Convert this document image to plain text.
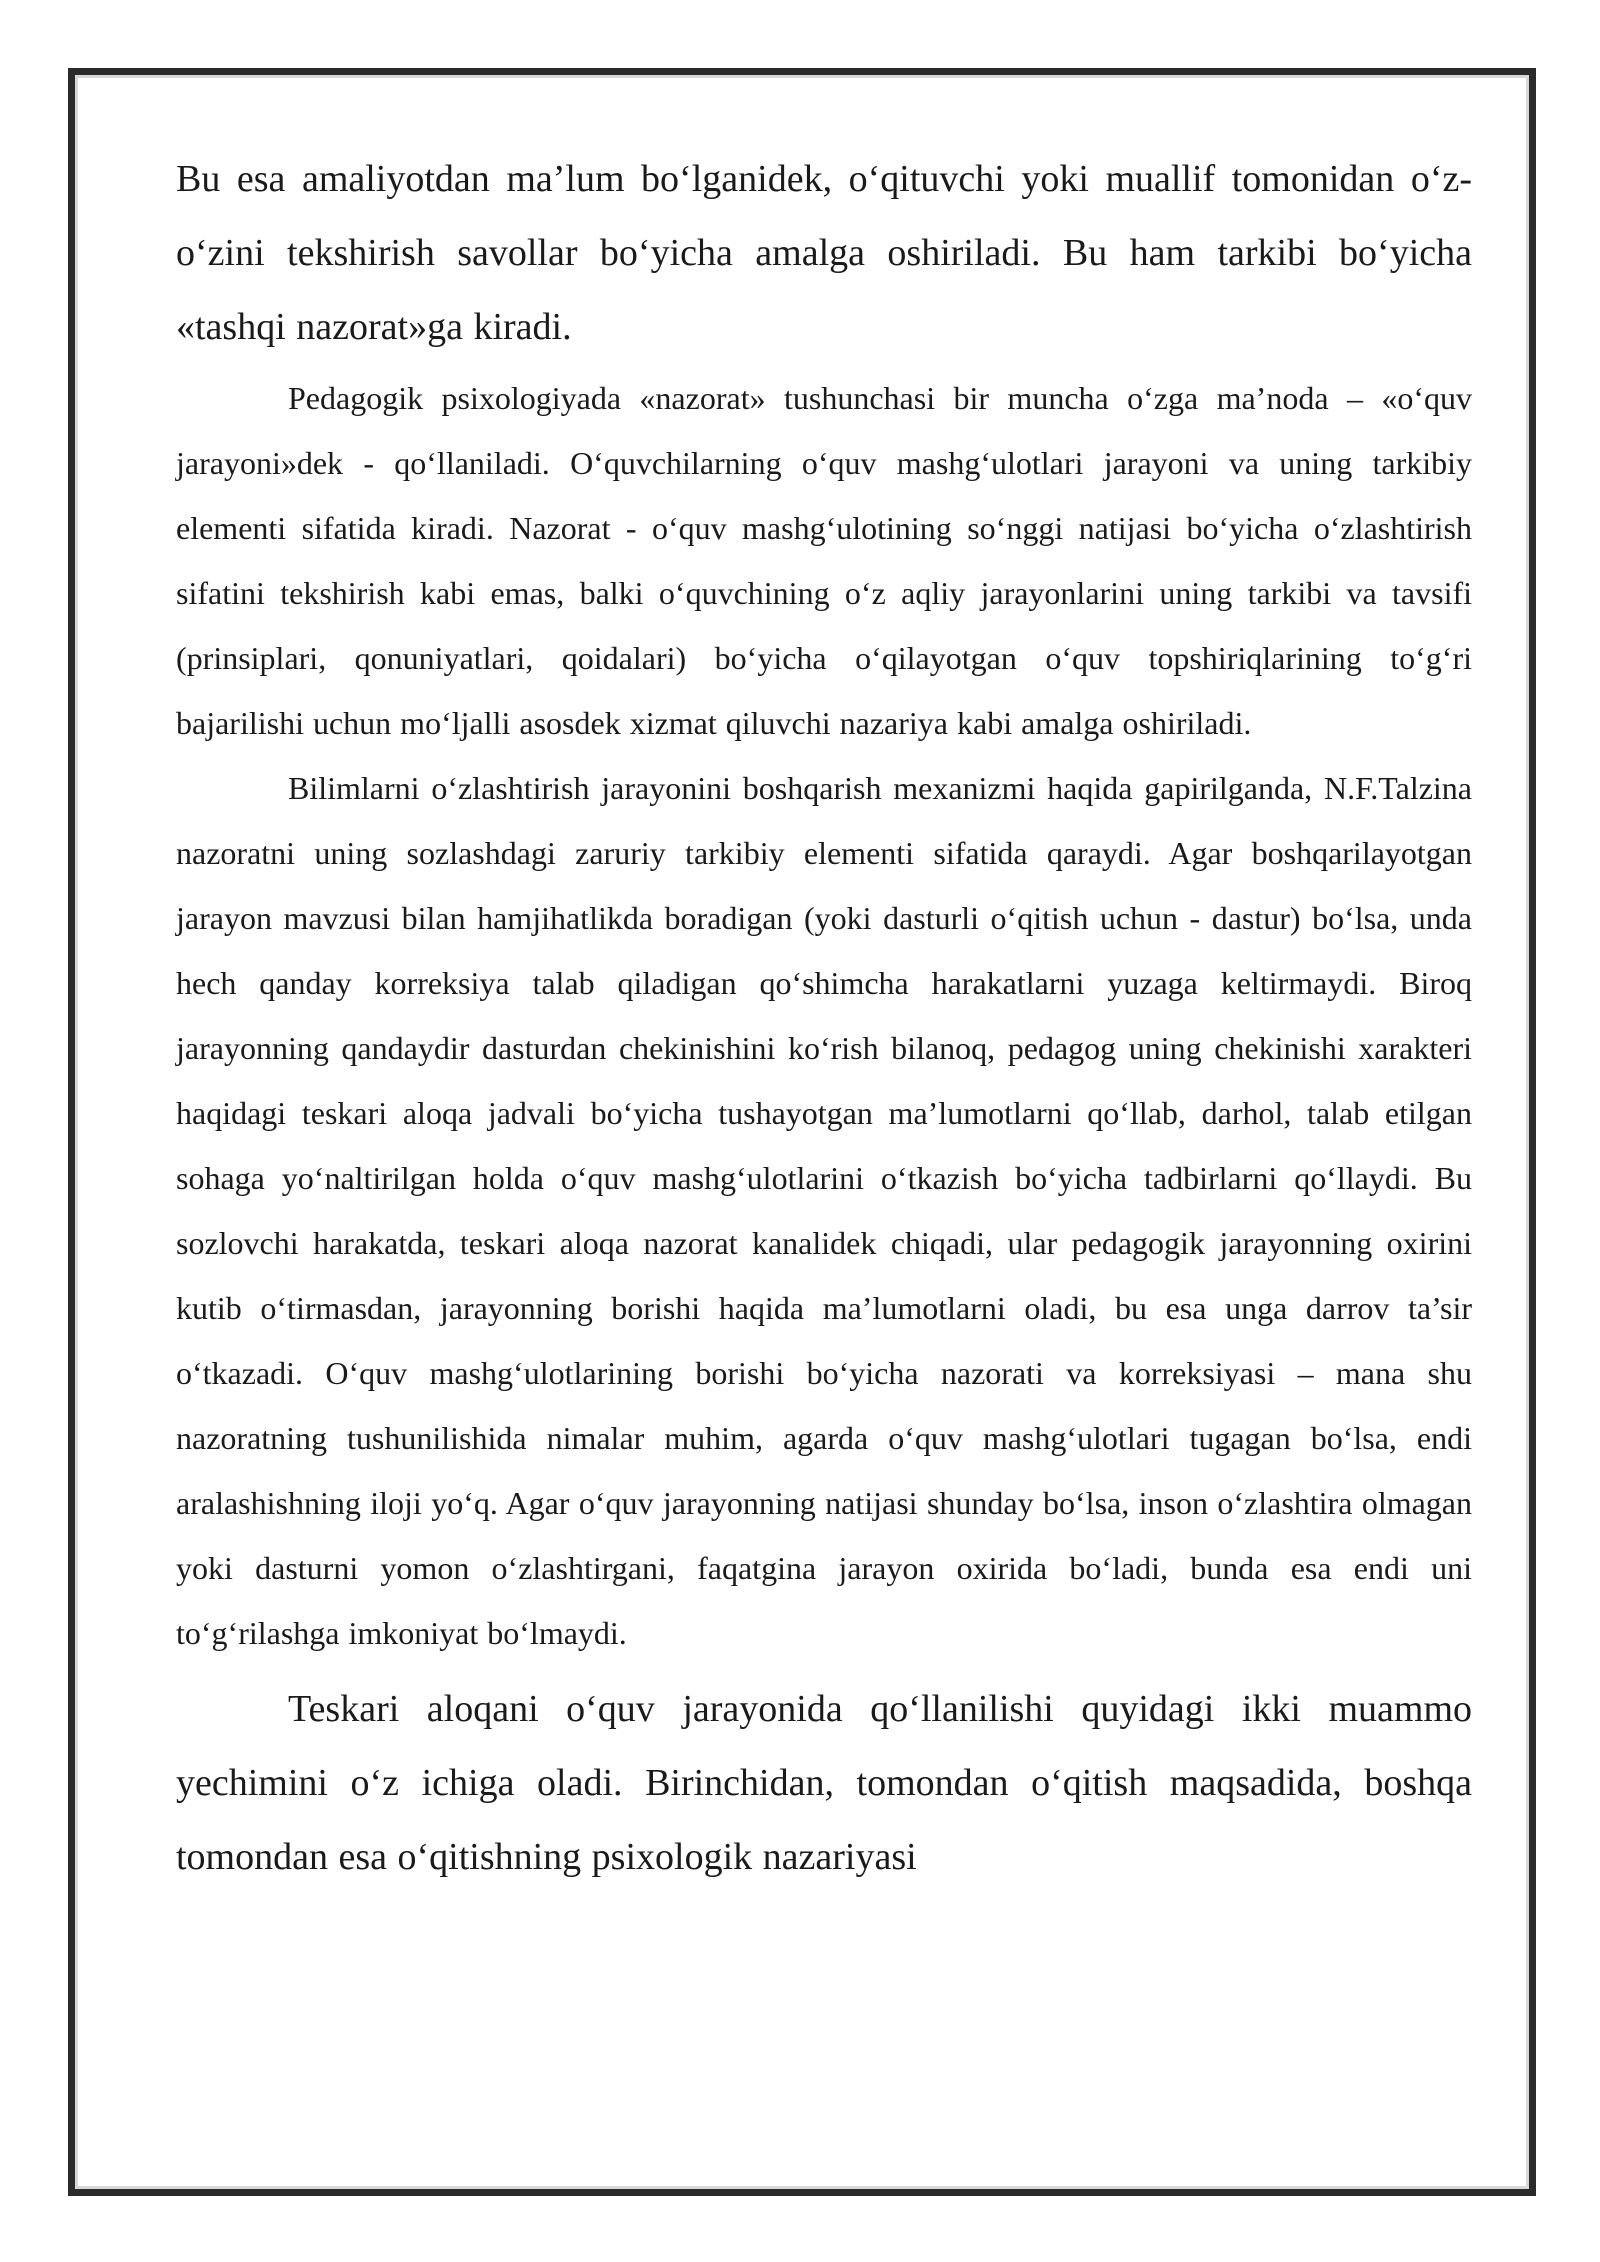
Bu esa amaliyotdan ma’lum bo‘lganidek, o‘qituvchi yoki muallif tomonidan o‘z-o‘zini tekshirish savollar bo‘yicha amalga oshiriladi. Bu ham tarkibi bo‘yicha «tashqi nazorat»ga kiradi.

Pedagogik psixologiyada «nazorat» tushunchasi bir muncha o‘zga ma’noda – «o‘quv jarayoni»dek - qo‘llaniladi. O‘quvchilarning o‘quv mashg‘ulotlari jarayoni va uning tarkibiy elementi sifatida kiradi. Nazorat - o‘quv mashg‘ulotining so‘nggi natijasi bo‘yicha o‘zlashtirish sifatini tekshirish kabi emas, balki o‘quvchining o‘z aqliy jarayonlarini uning tarkibi va tavsifi (prinsiplari, qonuniyatlari, qoidalari) bo‘yicha o‘qilayotgan o‘quv topshiriqlarining to‘g‘ri bajarilishi uchun mo‘ljalli asosdek xizmat qiluvchi nazariya kabi amalga oshiriladi.

Bilimlarni o‘zlashtirish jarayonini boshqarish mexanizmi haqida gapirilganda, N.F.Talzina nazoratni uning sozlashdagi zaruriy tarkibiy elementi sifatida qaraydi. Agar boshqarilayotgan jarayon mavzusi bilan hamjihatlikda boradigan (yoki dasturli o‘qitish uchun - dastur) bo‘lsa, unda hech qanday korreksiya talab qiladigan qo‘shimcha harakatlarni yuzaga keltirmaydi. Biroq jarayonning qandaydir dasturdan chekinishini ko‘rish bilanoq, pedagog uning chekinishi xarakteri haqidagi teskari aloqa jadvali bo‘yicha tushayotgan ma’lumotlarni qo‘llab, darhol, talab etilgan sohaga yo‘naltirilgan holda o‘quv mashg‘ulotlarini o‘tkazish bo‘yicha tadbirlarni qo‘llaydi. Bu sozlovchi harakatda, teskari aloqa nazorat kanalidek chiqadi, ular pedagogik jarayonning oxirini kutib o‘tirmasdan, jarayonning borishi haqida ma’lumotlarni oladi, bu esa unga darrov ta’sir o‘tkazadi. O‘quv mashg‘ulotlarining borishi bo‘yicha nazorati va korreksiyasi – mana shu nazoratning tushunilishida nimalar muhim, agarda o‘quv mashg‘ulotlari tugagan bo‘lsa, endi aralashishning iloji yo‘q. Agar o‘quv jarayonning natijasi shunday bo‘lsa, inson o‘zlashtira olmagan yoki dasturni yomon o‘zlashtirgani, faqatgina jarayon oxirida bo‘ladi, bunda esa endi uni to‘g‘rilashga imkoniyat bo‘lmaydi.

Teskari aloqani o‘quv jarayonida qo‘llanilishi quyidagi ikki muammo yechimini o‘z ichiga oladi. Birinchidan, tomondan o‘qitish maqsadida, boshqa tomondan esa o‘qitishning psixologik nazariyasi
